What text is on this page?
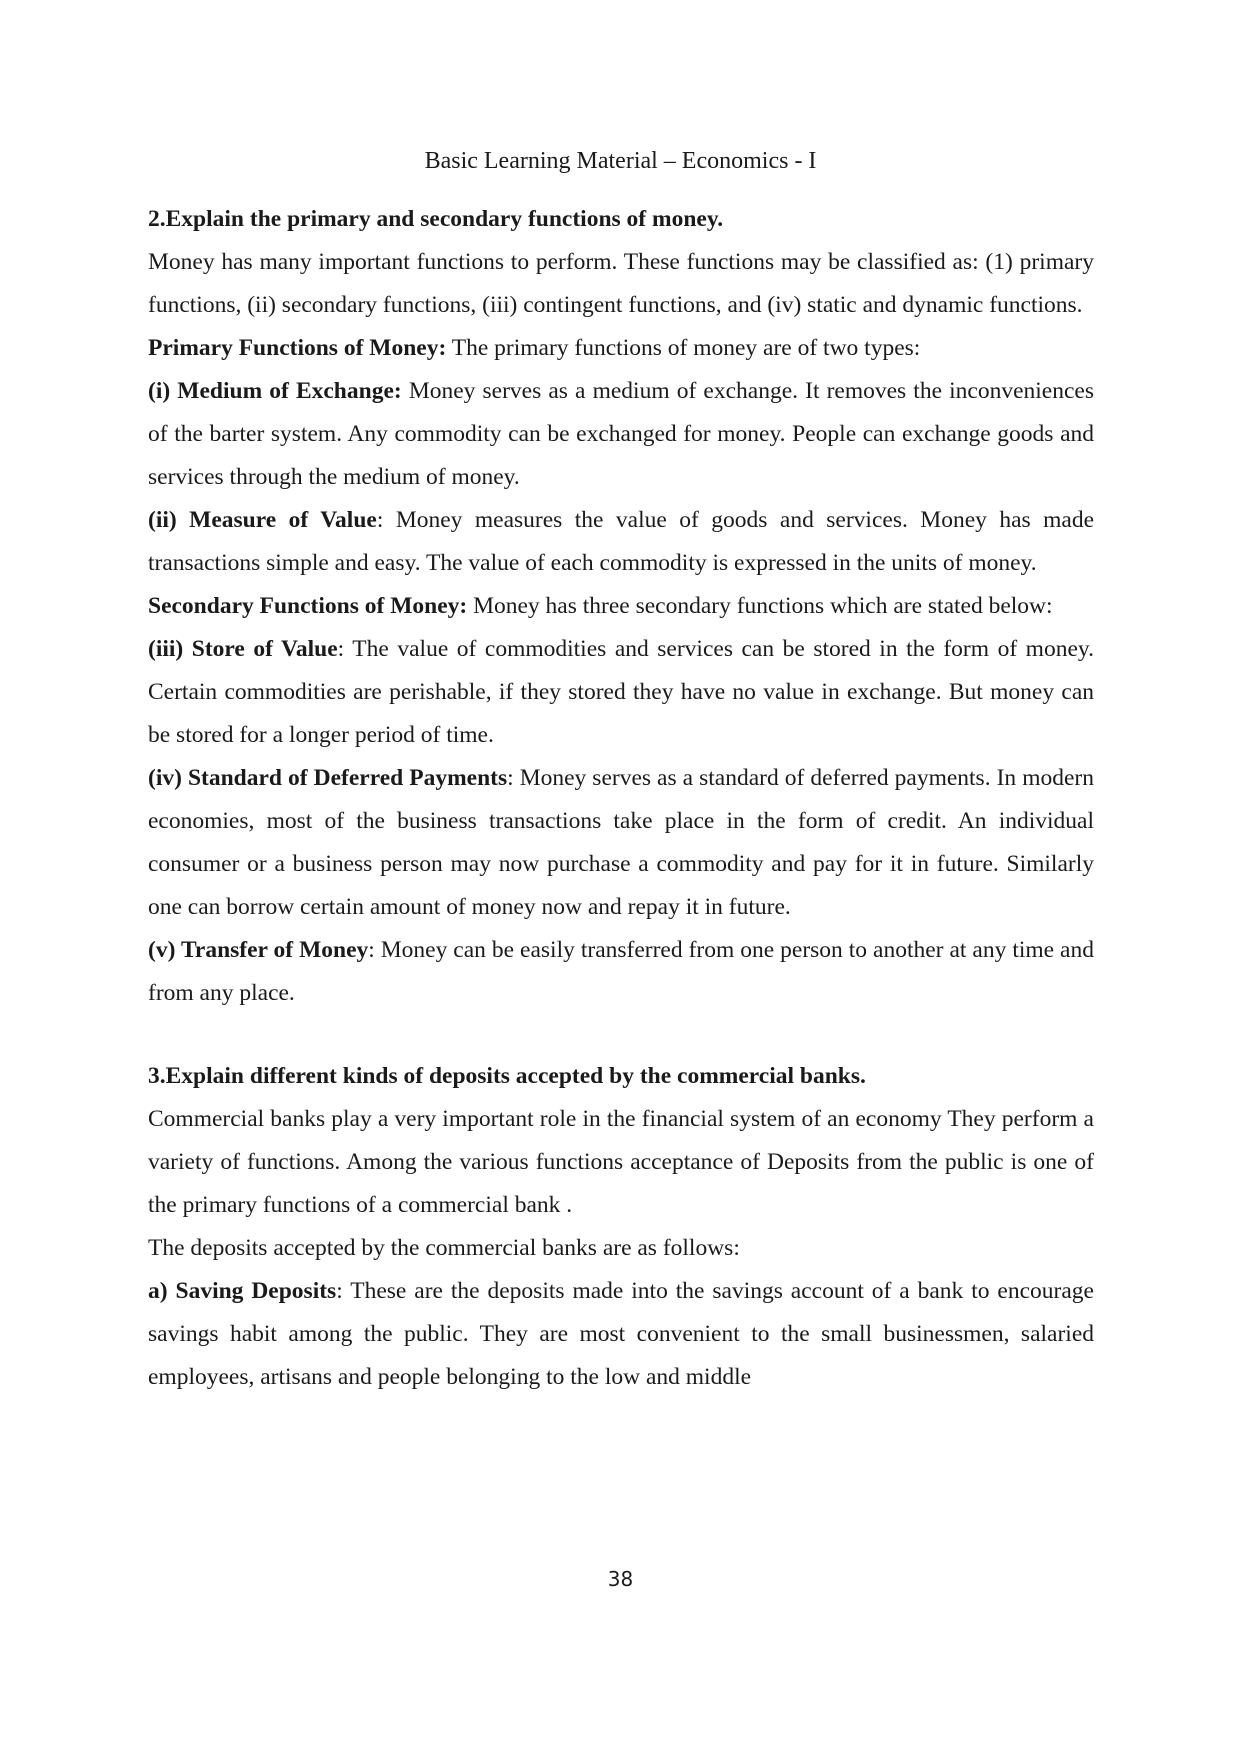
Basic Learning Material – Economics - I
2.Explain the primary and secondary functions of money.

Money has many important functions to perform. These functions may be classified as: (1) primary functions, (ii) secondary functions, (iii) contingent functions, and (iv) static and dynamic functions.

Primary Functions of Money: The primary functions of money are of two types:

(i) Medium of Exchange: Money serves as a medium of exchange. It removes the inconveniences of the barter system. Any commodity can be exchanged for money. People can exchange goods and services through the medium of money.

(ii) Measure of Value: Money measures the value of goods and services. Money has made transactions simple and easy. The value of each commodity is expressed in the units of money.

Secondary Functions of Money: Money has three secondary functions which are stated below:

(iii) Store of Value: The value of commodities and services can be stored in the form of money. Certain commodities are perishable, if they stored they have no value in exchange. But money can be stored for a longer period of time.

(iv) Standard of Deferred Payments: Money serves as a standard of deferred payments. In modern economies, most of the business transactions take place in the form of credit. An individual consumer or a business person may now purchase a commodity and pay for it in future. Similarly one can borrow certain amount of money now and repay it in future.

(v) Transfer of Money: Money can be easily transferred from one person to another at any time and from any place.

3.Explain different kinds of deposits accepted by the commercial banks.

Commercial banks play a very important role in the financial system of an economy They perform a variety of functions. Among the various functions acceptance of Deposits from the public is one of the primary functions of a commercial bank .

The deposits accepted by the commercial banks are as follows:

a) Saving Deposits: These are the deposits made into the savings account of a bank to encourage savings habit among the public. They are most convenient to the small businessmen, salaried employees, artisans and people belonging to the low and middle

38
